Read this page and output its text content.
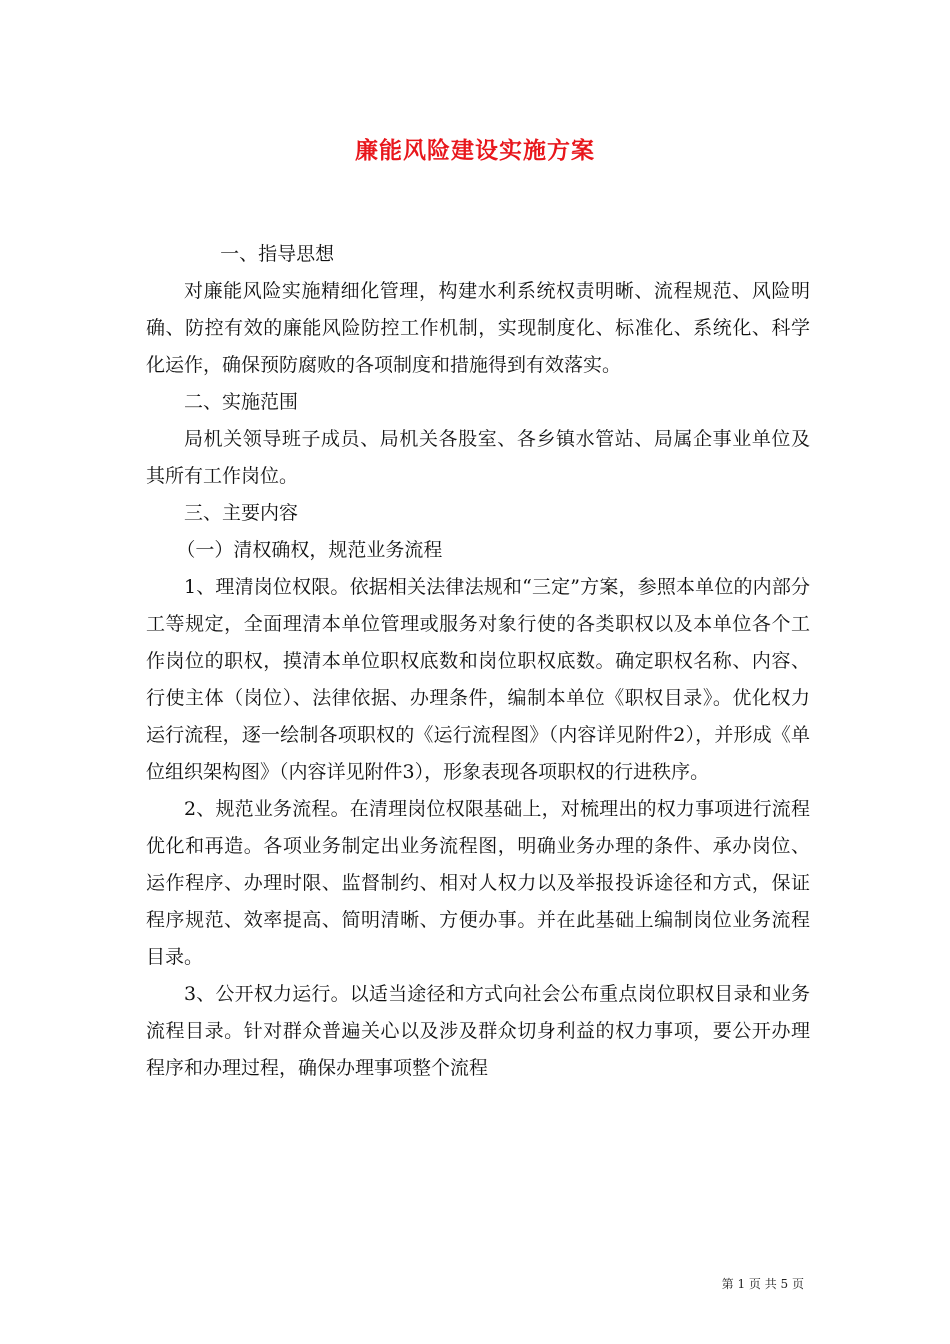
廉能风险建设实施方案

一、指导思想

对廉能风险实施精细化管理，构建水利系统权责明晰、流程规范、风险明确、防控有效的廉能风险防控工作机制，实现制度化、标准化、系统化、科学化运作，确保预防腐败的各项制度和措施得到有效落实。

二、实施范围

局机关领导班子成员、局机关各股室、各乡镇水管站、局属企事业单位及其所有工作岗位。

三、主要内容

（一）清权确权，规范业务流程

1、理清岗位权限。依据相关法律法规和“三定”方案，参照本单位的内部分工等规定，全面理清本单位管理或服务对象行使的各类职权以及本单位各个工作岗位的职权，摸清本单位职权底数和岗位职权底数。确定职权名称、内容、行使主体（岗位）、法律依据、办理条件，编制本单位《职权目录》。优化权力运行流程，逐一绘制各项职权的《运行流程图》（内容详见附件2），并形成《单位组织架构图》（内容详见附件3），形象表现各项职权的行进秩序。

2、规范业务流程。在清理岗位权限基础上，对梳理出的权力事项进行流程优化和再造。各项业务制定出业务流程图，明确业务办理的条件、承办岗位、运作程序、办理时限、监督制约、相对人权力以及举报投诉途径和方式，保证程序规范、效率提高、简明清晰、方便办事。并在此基础上编制岗位业务流程目录。

3、公开权力运行。以适当途径和方式向社会公布重点岗位职权目录和业务流程目录。针对群众普遍关心以及涉及群众切身利益的权力事项，要公开办理程序和办理过程，确保办理事项整个流程

第 1 页 共 5 页
